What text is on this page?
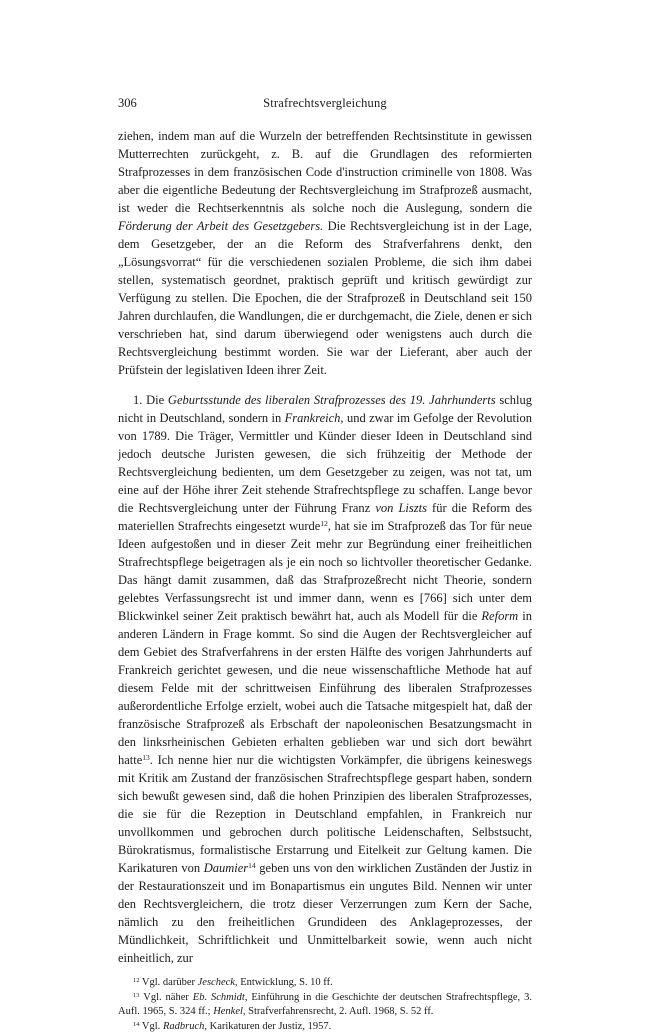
306	Strafrechtsvergleichung

ziehen, indem man auf die Wurzeln der betreffenden Rechtsinstitute in gewissen Mutterrechten zurückgeht, z. B. auf die Grundlagen des reformierten Strafprozesses in dem französischen Code d'instruction criminelle von 1808. Was aber die eigentliche Bedeutung der Rechtsvergleichung im Strafprozeß ausmacht, ist weder die Rechtserkenntnis als solche noch die Auslegung, sondern die Förderung der Arbeit des Gesetzgebers. Die Rechtsvergleichung ist in der Lage, dem Gesetzgeber, der an die Reform des Strafverfahrens denkt, den „Lösungsvorrat“ für die verschiedenen sozialen Probleme, die sich ihm dabei stellen, systematisch geordnet, praktisch geprüft und kritisch gewürdigt zur Verfügung zu stellen. Die Epochen, die der Strafprozeß in Deutschland seit 150 Jahren durchlaufen, die Wandlungen, die er durchgemacht, die Ziele, denen er sich verschrieben hat, sind darum überwiegend oder wenigstens auch durch die Rechtsvergleichung bestimmt worden. Sie war der Lieferant, aber auch der Prüfstein der legislativen Ideen ihrer Zeit.

1. Die Geburtsstunde des liberalen Strafprozesses des 19. Jahrhunderts schlug nicht in Deutschland, sondern in Frankreich, und zwar im Gefolge der Revolution von 1789. Die Träger, Vermittler und Künder dieser Ideen in Deutschland sind jedoch deutsche Juristen gewesen, die sich frühzeitig der Methode der Rechtsvergleichung bedienten, um dem Gesetzgeber zu zeigen, was not tat, um eine auf der Höhe ihrer Zeit stehende Strafrechtspflege zu schaffen. Lange bevor die Rechtsvergleichung unter der Führung Franz von Liszts für die Reform des materiellen Strafrechts eingesetzt wurde$^{12}$, hat sie im Strafprozeß das Tor für neue Ideen aufgestoßen und in dieser Zeit mehr zur Begründung einer freiheitlichen Strafrechtspflege beigetragen als je ein noch so lichtvoller theoretischer Gedanke. Das hängt damit zusammen, daß das Strafprozeßrecht nicht Theorie, sondern gelebtes Verfassungsrecht ist und immer dann, wenn es [766] sich unter dem Blickwinkel seiner Zeit praktisch bewährt hat, auch als Modell für die Reform in anderen Ländern in Frage kommt. So sind die Augen der Rechtsvergleicher auf dem Gebiet des Strafverfahrens in der ersten Hälfte des vorigen Jahrhunderts auf Frankreich gerichtet gewesen, und die neue wissenschaftliche Methode hat auf diesem Felde mit der schrittweisen Einführung des liberalen Strafprozesses außerordentliche Erfolge erzielt, wobei auch die Tatsache mitgespielt hat, daß der französische Strafprozeß als Erbschaft der napoleonischen Besatzungsmacht in den linksrheinischen Gebieten erhalten geblieben war und sich dort bewährt hatte$^{13}$. Ich nenne hier nur die wichtigsten Vorkämpfer, die übrigens keineswegs mit Kritik am Zustand der französischen Strafrechtspflege gespart haben, sondern sich bewußt gewesen sind, daß die hohen Prinzipien des liberalen Strafprozesses, die sie für die Rezeption in Deutschland empfahlen, in Frankreich nur unvollkommen und gebrochen durch politische Leidenschaften, Selbstsucht, Bürokratismus, formalistische Erstarrung und Eitelkeit zur Geltung kamen. Die Karikaturen von Daumier$^{14}$ geben uns von den wirklichen Zuständen der Justiz in der Restaurationszeit und im Bonapartismus ein ungutes Bild. Nennen wir unter den Rechtsvergleichern, die trotz dieser Verzerrungen zum Kern der Sache, nämlich zu den freiheitlichen Grundideen des Anklageprozesses, der Mündlichkeit, Schriftlichkeit und Unmittelbarkeit sowie, wenn auch nicht einheitlich, zur

$^{12}$ Vgl. darüber Jescheck, Entwicklung, S. 10 ff.

$^{13}$ Vgl. näher Eb. Schmidt, Einführung in die Geschichte der deutschen Strafrechtspflege, 3. Aufl. 1965, S. 324 ff.; Henkel, Strafverfahrensrecht, 2. Aufl. 1968, S. 52 ff.

$^{14}$ Vgl. Radbruch, Karikaturen der Justiz, 1957.
